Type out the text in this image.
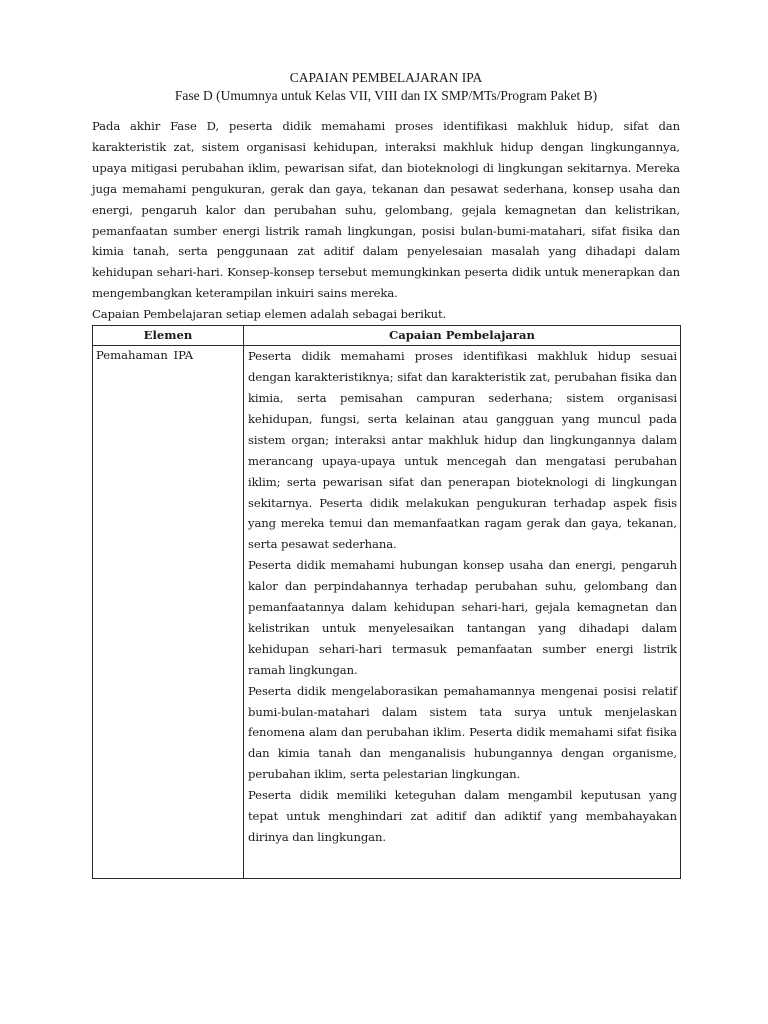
CAPAIAN PEMBELAJARAN IPA
Fase D (Umumnya untuk Kelas VII, VIII dan IX SMP/MTs/Program Paket B)

Pada akhir Fase D, peserta didik memahami proses identifikasi makhluk hidup, sifat dan karakteristik zat, sistem organisasi kehidupan, interaksi makhluk hidup dengan lingkungannya, upaya mitigasi perubahan iklim, pewarisan sifat, dan bioteknologi di lingkungan sekitarnya. Mereka juga memahami pengukuran, gerak dan gaya, tekanan dan pesawat sederhana, konsep usaha dan energi, pengaruh kalor dan perubahan suhu, gelombang, gejala kemagnetan dan kelistrikan, pemanfaatan sumber energi listrik ramah lingkungan, posisi bulan-bumi-matahari, sifat fisika dan kimia tanah, serta penggunaan zat aditif dalam penyelesaian masalah yang dihadapi dalam kehidupan sehari-hari. Konsep-konsep tersebut memungkinkan peserta didik untuk menerapkan dan mengembangkan keterampilan inkuiri sains mereka.

Capaian Pembelajaran setiap elemen adalah sebagai berikut.

Elemen	Capaian Pembelajaran
Pemahaman IPA	Peserta didik memahami proses identifikasi makhluk hidup sesuai dengan karakteristiknya; sifat dan karakteristik zat, perubahan fisika dan kimia, serta pemisahan campuran sederhana; sistem organisasi kehidupan, fungsi, serta kelainan atau gangguan yang muncul pada sistem organ; interaksi antar makhluk hidup dan lingkungannya dalam merancang upaya-upaya untuk mencegah dan mengatasi perubahan iklim; serta pewarisan sifat dan penerapan bioteknologi di lingkungan sekitarnya. Peserta didik melakukan pengukuran terhadap aspek fisis yang mereka temui dan memanfaatkan ragam gerak dan gaya, tekanan, serta pesawat sederhana.

Peserta didik memahami hubungan konsep usaha dan energi, pengaruh kalor dan perpindahannya terhadap perubahan suhu, gelombang dan pemanfaatannya dalam kehidupan sehari-hari, gejala kemagnetan dan kelistrikan untuk menyelesaikan tantangan yang dihadapi dalam kehidupan sehari-hari termasuk pemanfaatan sumber energi listrik ramah lingkungan.

Peserta didik mengelaborasikan pemahamannya mengenai posisi relatif bumi-bulan-matahari dalam sistem tata surya untuk menjelaskan fenomena alam dan perubahan iklim. Peserta didik memahami sifat fisika dan kimia tanah dan menganalisis hubungannya dengan organisme, perubahan iklim, serta pelestarian lingkungan.

Peserta didik memiliki keteguhan dalam mengambil keputusan yang tepat untuk menghindari zat aditif dan adiktif yang membahayakan dirinya dan lingkungan.
